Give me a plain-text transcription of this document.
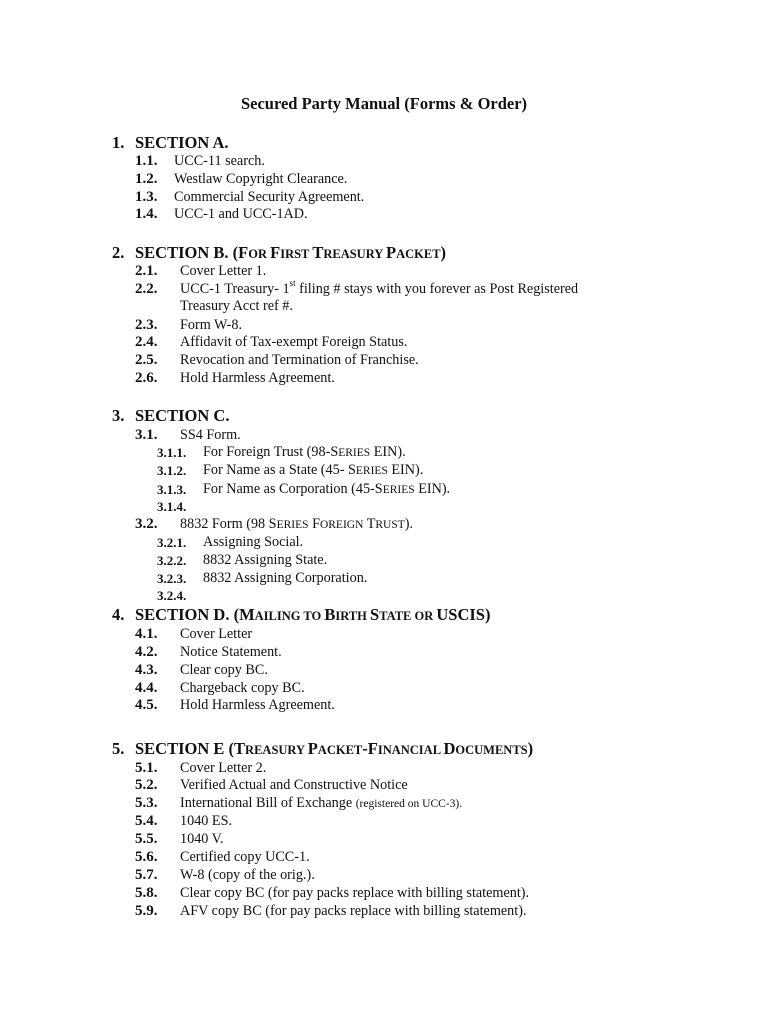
Secured Party Manual (Forms & Order)
1. SECTION A.
1.1. UCC-11 search.
1.2. Westlaw Copyright Clearance.
1.3. Commercial Security Agreement.
1.4. UCC-1 and UCC-1AD.
2. SECTION B. (FOR FIRST TREASURY PACKET)
2.1. Cover Letter 1.
2.2. UCC-1 Treasury- 1st filing # stays with you forever as Post Registered
Treasury Acct ref #.
2.3. Form W-8.
2.4. Affidavit of Tax-exempt Foreign Status.
2.5. Revocation and Termination of Franchise.
2.6. Hold Harmless Agreement.
3. SECTION C.
3.1. SS4 Form.
3.1.1. For Foreign Trust (98-SERIES EIN).
3.1.2. For Name as a State (45- SERIES EIN).
3.1.3. For Name as Corporation (45-SERIES EIN).
3.1.4.
3.2. 8832 Form (98 SERIES FOREIGN TRUST).
3.2.1. Assigning Social.
3.2.2. 8832 Assigning State.
3.2.3. 8832 Assigning Corporation.
3.2.4.
4. SECTION D. (MAILING TO BIRTH STATE OR USCIS)
4.1. Cover Letter
4.2. Notice Statement.
4.3. Clear copy BC.
4.4. Chargeback copy BC.
4.5. Hold Harmless Agreement.
5. SECTION E (TREASURY PACKET-FINANCIAL DOCUMENTS)
5.1. Cover Letter 2.
5.2. Verified Actual and Constructive Notice
5.3. International Bill of Exchange (registered on UCC-3).
5.4. 1040 ES.
5.5. 1040 V.
5.6. Certified copy UCC-1.
5.7. W-8 (copy of the orig.).
5.8. Clear copy BC (for pay packs replace with billing statement).
5.9. AFV copy BC (for pay packs replace with billing statement).
